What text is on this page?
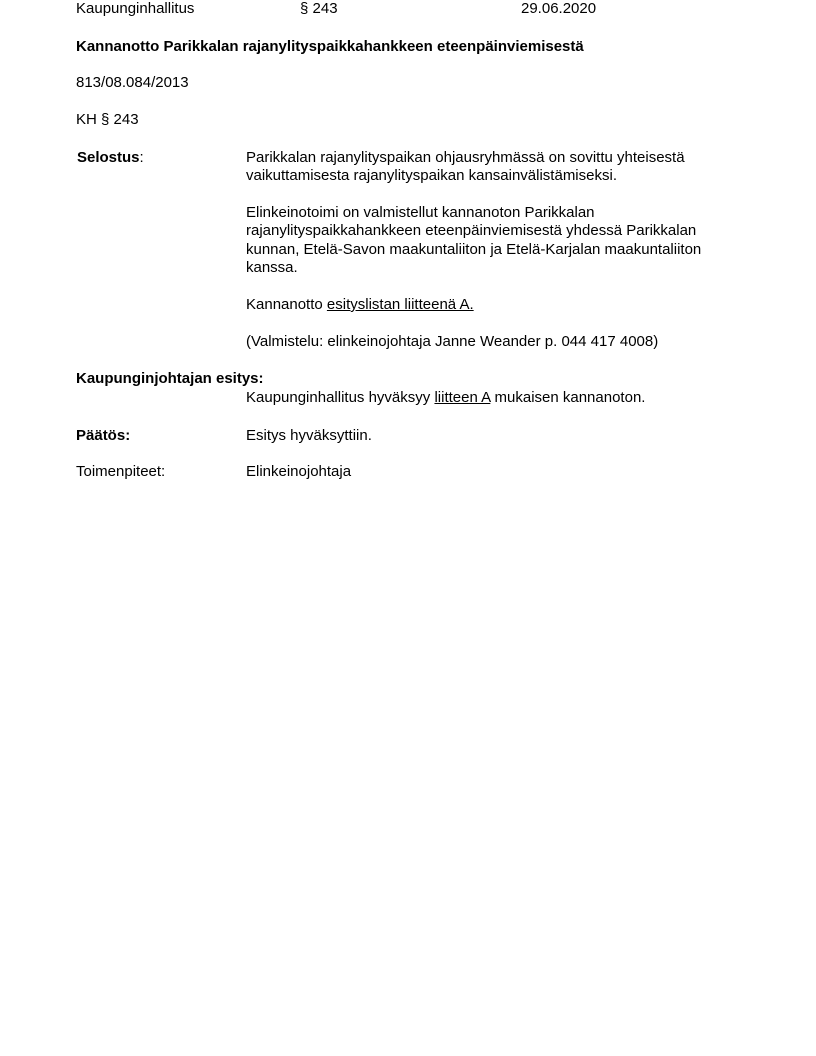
Kaupunginhallitus	§ 243	29.06.2020
Kannanotto Parikkalan rajanylityspaikkahankkeen eteenpäinviemisestä
813/08.084/2013
KH § 243
Selostus:	Parikkalan rajanylityspaikan ohjausryhmässä on sovittu yhteisestä
vaikuttamisesta rajanylityspaikan kansainvälistämiseksi.
Elinkeinotoimi on valmistellut kannanoton Parikkalan
rajanylityspaikkahankkeen eteenpäinviemisestä yhdessä Parikkalan
kunnan, Etelä-Savon maakuntaliiton ja Etelä-Karjalan maakuntaliiton
kanssa.
Kannanotto esityslistan liitteenä A.
(Valmistelu: elinkeinojohtaja Janne Weander p. 044 417 4008)
Kaupunginjohtajan esitys:
Kaupunginhallitus hyväksyy liitteen A mukaisen kannanoton.
Päätös:	Esitys hyväksyttiin.
Toimenpiteet:	Elinkeinojohtaja
